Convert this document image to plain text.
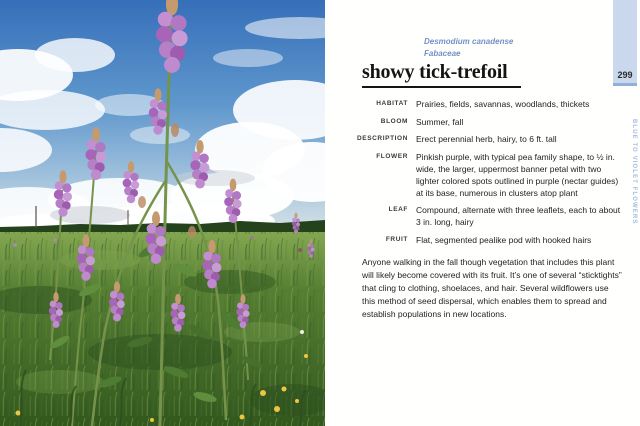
Desmodium canadense
Fabaceae
showy tick-trefoil
HABITAT Prairies, fields, savannas, woodlands, thickets
BLOOM Summer, fall
DESCRIPTION Erect perennial herb, hairy, to 6 ft. tall
FLOWER Pinkish purple, with typical pea family shape, to ½ in. wide, the larger, uppermost banner petal with two lighter colored spots outlined in purple (nectar guides) at its base, numerous in clusters atop plant
LEAF Compound, alternate with three leaflets, each to about 3 in. long, hairy
FRUIT Flat, segmented pealike pod with hooked hairs

Anyone walking in the fall though vegetation that includes this plant will likely become covered with its fruit. It’s one of several “sticktights” that cling to clothing, shoelaces, and hair. Several wildflowers use this method of seed dispersal, which enables them to spread and establish populations in new locations.

299
BLUE TO VIOLET FLOWERS
